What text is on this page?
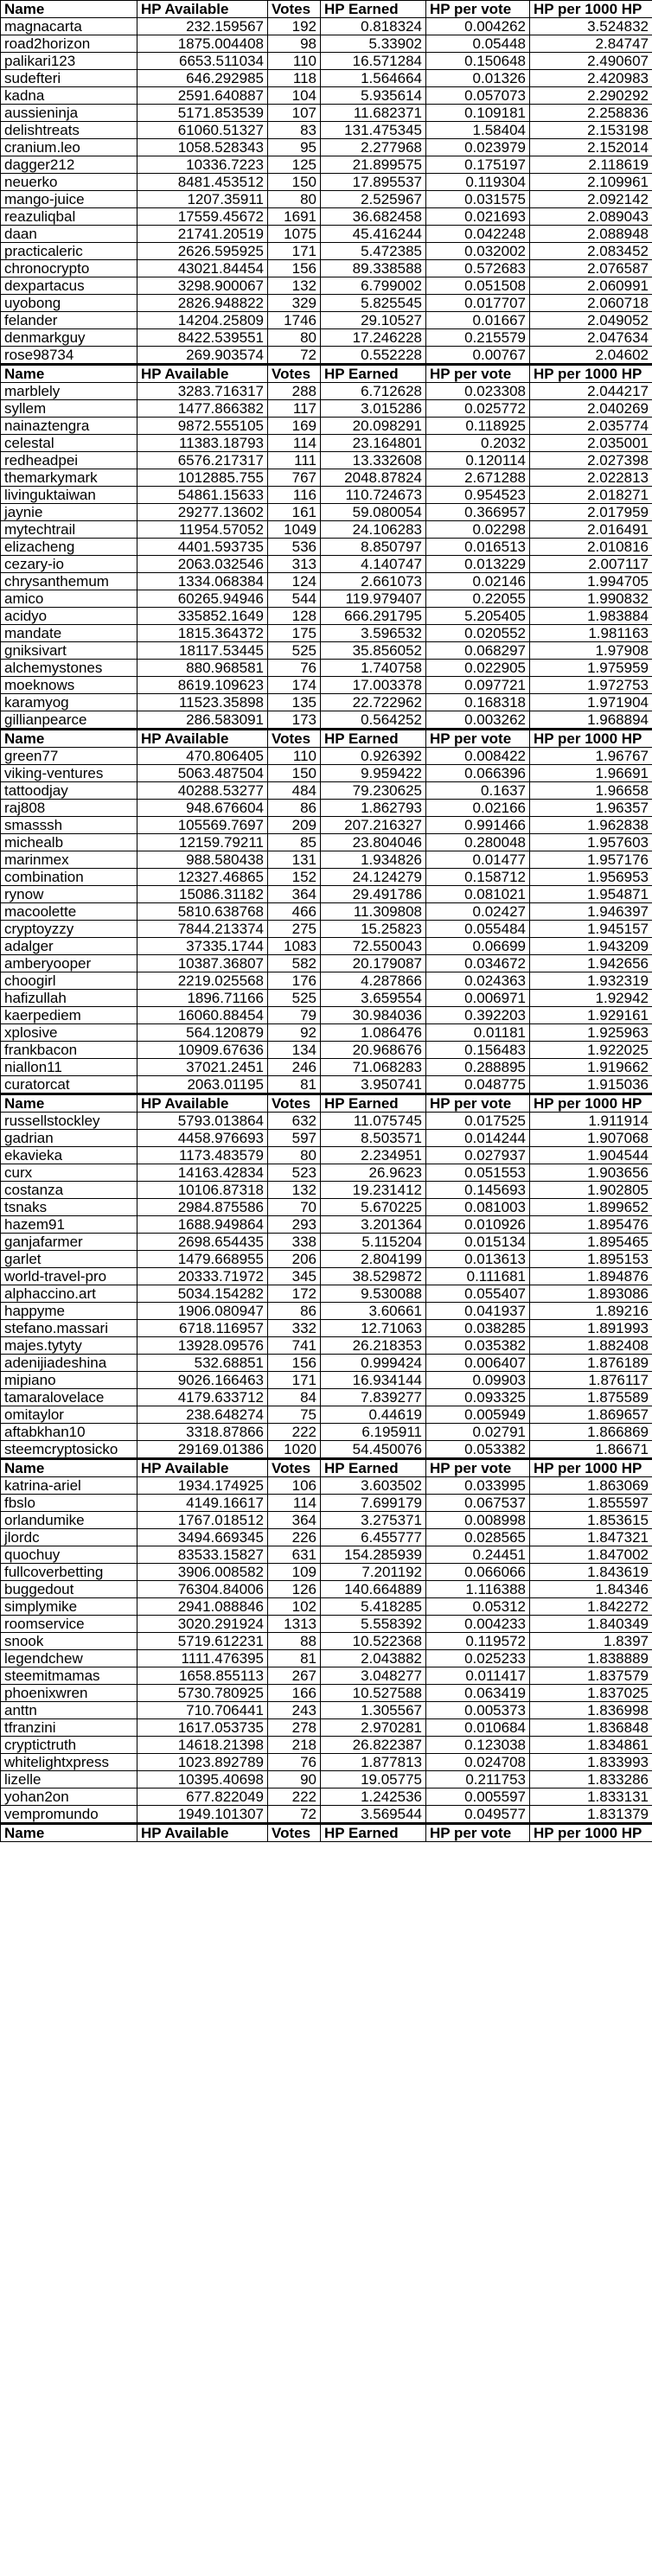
Name	HP Available	Votes	HP Earned	HP per vote	HP per 1000 HP
magnacarta	232.159567	192	0.818324	0.004262	3.524832
road2horizon	1875.004408	98	5.33902	0.05448	2.84747
palikari123	6653.511034	110	16.571284	0.150648	2.490607
sudefteri	646.292985	118	1.564664	0.01326	2.420983
kadna	2591.640887	104	5.935614	0.057073	2.290292
aussieninja	5171.853539	107	11.682371	0.109181	2.258836
delishtreats	61060.51327	83	131.475345	1.58404	2.153198
cranium.leo	1058.528343	95	2.277968	0.023979	2.152014
dagger212	10336.7223	125	21.899575	0.175197	2.118619
neuerko	8481.453512	150	17.895537	0.119304	2.109961
mango-juice	1207.35911	80	2.525967	0.031575	2.092142
reazuliqbal	17559.45672	1691	36.682458	0.021693	2.089043
daan	21741.20519	1075	45.416244	0.042248	2.088948
practicaleric	2626.595925	171	5.472385	0.032002	2.083452
chronocrypto	43021.84454	156	89.338588	0.572683	2.076587
dexpartacus	3298.900067	132	6.799002	0.051508	2.060991
uyobong	2826.948822	329	5.825545	0.017707	2.060718
felander	14204.25809	1746	29.10527	0.01667	2.049052
denmarkguy	8422.539551	80	17.246228	0.215579	2.047634
rose98734	269.903574	72	0.552228	0.00767	2.04602
Name	HP Available	Votes	HP Earned	HP per vote	HP per 1000 HP
marblely	3283.716317	288	6.712628	0.023308	2.044217
syllem	1477.866382	117	3.015286	0.025772	2.040269
nainaztengra	9872.555105	169	20.098291	0.118925	2.035774
celestal	11383.18793	114	23.164801	0.2032	2.035001
redheadpei	6576.217317	111	13.332608	0.120114	2.027398
themarkymark	1012885.755	767	2048.87824	2.671288	2.022813
livinguktaiwan	54861.15633	116	110.724673	0.954523	2.018271
jaynie	29277.13602	161	59.080054	0.366957	2.017959
mytechtrail	11954.57052	1049	24.106283	0.02298	2.016491
elizacheng	4401.593735	536	8.850797	0.016513	2.010816
cezary-io	2063.032546	313	4.140747	0.013229	2.007117
chrysanthemum	1334.068384	124	2.661073	0.02146	1.994705
amico	60265.94946	544	119.979407	0.22055	1.990832
acidyo	335852.1649	128	666.291795	5.205405	1.983884
mandate	1815.364372	175	3.596532	0.020552	1.981163
gniksivart	18117.53445	525	35.856052	0.068297	1.97908
alchemystones	880.968581	76	1.740758	0.022905	1.975959
moeknows	8619.109623	174	17.003378	0.097721	1.972753
karamyog	11523.35898	135	22.722962	0.168318	1.971904
gillianpearce	286.583091	173	0.564252	0.003262	1.968894
Name	HP Available	Votes	HP Earned	HP per vote	HP per 1000 HP
green77	470.806405	110	0.926392	0.008422	1.96767
viking-ventures	5063.487504	150	9.959422	0.066396	1.96691
tattoodjay	40288.53277	484	79.230625	0.1637	1.96658
raj808	948.676604	86	1.862793	0.02166	1.96357
smasssh	105569.7697	209	207.216327	0.991466	1.962838
michealb	12159.79211	85	23.804046	0.280048	1.957603
marinmex	988.580438	131	1.934826	0.01477	1.957176
combination	12327.46865	152	24.124279	0.158712	1.956953
rynow	15086.31182	364	29.491786	0.081021	1.954871
macoolette	5810.638768	466	11.309808	0.02427	1.946397
cryptoyzzy	7844.213374	275	15.25823	0.055484	1.945157
adalger	37335.1744	1083	72.550043	0.06699	1.943209
amberyooper	10387.36807	582	20.179087	0.034672	1.942656
choogirl	2219.025568	176	4.287866	0.024363	1.932319
hafizullah	1896.71166	525	3.659554	0.006971	1.92942
kaerpediem	16060.88454	79	30.984036	0.392203	1.929161
xplosive	564.120879	92	1.086476	0.01181	1.925963
frankbacon	10909.67636	134	20.968676	0.156483	1.922025
niallon11	37021.2451	246	71.068283	0.288895	1.919662
curatorcat	2063.01195	81	3.950741	0.048775	1.915036
Name	HP Available	Votes	HP Earned	HP per vote	HP per 1000 HP
russellstockley	5793.013864	632	11.075745	0.017525	1.911914
gadrian	4458.976693	597	8.503571	0.014244	1.907068
ekavieka	1173.483579	80	2.234951	0.027937	1.904544
curx	14163.42834	523	26.9623	0.051553	1.903656
costanza	10106.87318	132	19.231412	0.145693	1.902805
tsnaks	2984.875586	70	5.670225	0.081003	1.899652
hazem91	1688.949864	293	3.201364	0.010926	1.895476
ganjafarmer	2698.654435	338	5.115204	0.015134	1.895465
garlet	1479.668955	206	2.804199	0.013613	1.895153
world-travel-pro	20333.71972	345	38.529872	0.111681	1.894876
alphaccino.art	5034.154282	172	9.530088	0.055407	1.893086
happyme	1906.080947	86	3.60661	0.041937	1.89216
stefano.massari	6718.116957	332	12.71063	0.038285	1.891993
majes.tytyty	13928.09576	741	26.218353	0.035382	1.882408
adenijiadeshina	532.68851	156	0.999424	0.006407	1.876189
mipiano	9026.166463	171	16.934144	0.09903	1.876117
tamaralovelace	4179.633712	84	7.839277	0.093325	1.875589
omitaylor	238.648274	75	0.44619	0.005949	1.869657
aftabkhan10	3318.87866	222	6.195911	0.02791	1.866869
steemcryptosicko	29169.01386	1020	54.450076	0.053382	1.86671
Name	HP Available	Votes	HP Earned	HP per vote	HP per 1000 HP
katrina-ariel	1934.174925	106	3.603502	0.033995	1.863069
fbslo	4149.16617	114	7.699179	0.067537	1.855597
orlandumike	1767.018512	364	3.275371	0.008998	1.853615
jlordc	3494.669345	226	6.455777	0.028565	1.847321
quochuy	83533.15827	631	154.285939	0.24451	1.847002
fullcoverbetting	3906.008582	109	7.201192	0.066066	1.843619
buggedout	76304.84006	126	140.664889	1.116388	1.84346
simplymike	2941.088846	102	5.418285	0.05312	1.842272
roomservice	3020.291924	1313	5.558392	0.004233	1.840349
snook	5719.612231	88	10.522368	0.119572	1.8397
legendchew	1111.476395	81	2.043882	0.025233	1.838889
steemitmamas	1658.855113	267	3.048277	0.011417	1.837579
phoenixwren	5730.780925	166	10.527588	0.063419	1.837025
anttn	710.706441	243	1.305567	0.005373	1.836998
tfranzini	1617.053735	278	2.970281	0.010684	1.836848
cryptictruth	14618.21398	218	26.822387	0.123038	1.834861
whitelightxpress	1023.892789	76	1.877813	0.024708	1.833993
lizelle	10395.40698	90	19.05775	0.211753	1.833286
yohan2on	677.822049	222	1.242536	0.005597	1.833131
vempromundo	1949.101307	72	3.569544	0.049577	1.831379
Name	HP Available	Votes	HP Earned	HP per vote	HP per 1000 HP
